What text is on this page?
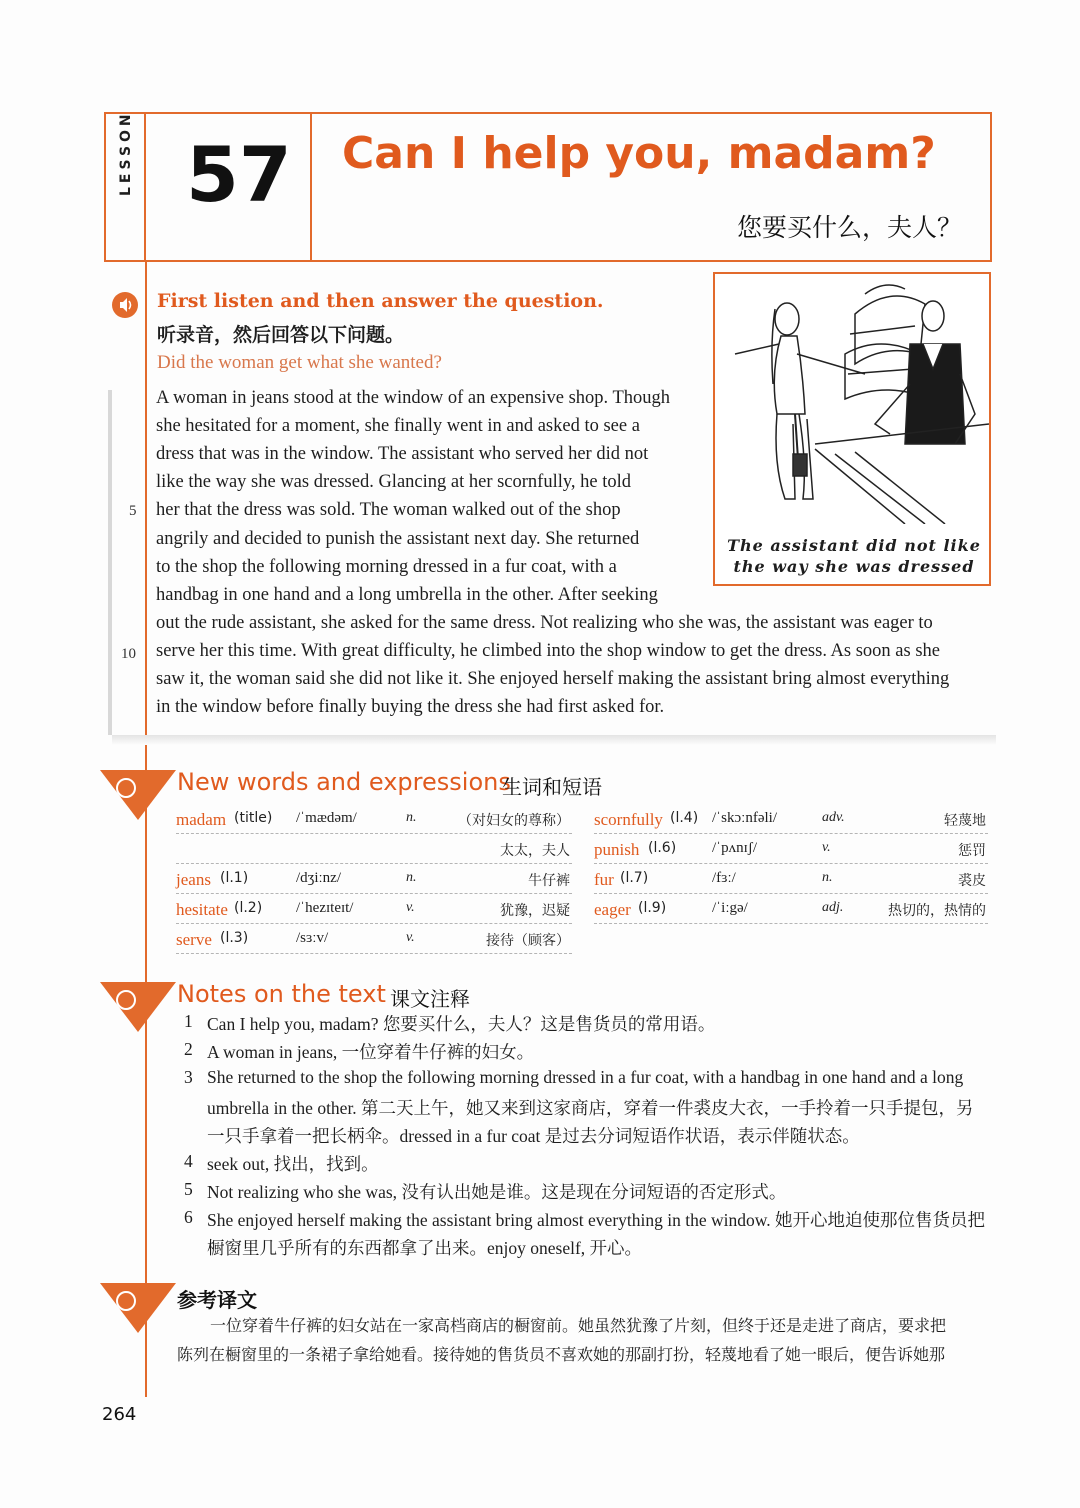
LESSON 57 Can I help you, madam?
您要买什么，夫人？
First listen and then answer the question.
听录音，然后回答以下问题。
Did the woman get what she wanted?
A woman in jeans stood at the window of an expensive shop. Though
she hesitated for a moment, she finally went in and asked to see a
dress that was in the window. The assistant who served her did not
like the way she was dressed. Glancing at her scornfully, he told
her that the dress was sold. The woman walked out of the shop
angrily and decided to punish the assistant next day. She returned
to the shop the following morning dressed in a fur coat, with a
handbag in one hand and a long umbrella in the other. After seeking
out the rude assistant, she asked for the same dress. Not realizing who she was, the assistant was eager to
serve her this time. With great difficulty, he climbed into the shop window to get the dress. As soon as she
saw it, the woman said she did not like it. She enjoyed herself making the assistant bring almost everything
in the window before finally buying the dress she had first asked for.
5
10
The assistant did not like
the way she was dressed
New words and expressions
生词和短语
madam (title) /ˈmædəm/	n.	（对妇女的尊称）
太太，夫人
jeans (l.1)	/dʒiːnz/	n.	牛仔裤
hesitate (l.2) /ˈhezɪteɪt/	v.	犹豫，迟疑
serve (l.3)	/sɜːv/	v.	接待（顾客）
scornfully (l.4) /ˈskɔːnfəli/	adv.	轻蔑地
punish (l.6) /ˈpʌnɪʃ/	v.	惩罚
fur (l.7)	/fɜː/	n.	裘皮
eager (l.9)	/ˈiːgə/	adj.	热切的，热情的
Notes on the text 课文注释
1 Can I help you, madam? 您要买什么，夫人？这是售货员的常用语。
2 A woman in jeans, 一位穿着牛仔裤的妇女。
3 She returned to the shop the following morning dressed in a fur coat, with a handbag in one hand and a long
umbrella in the other. 第二天上午，她又来到这家商店，穿着一件裘皮大衣，一手拎着一只手提包，另
一只手拿着一把长柄伞。dressed in a fur coat 是过去分词短语作状语，表示伴随状态。
4 seek out, 找出，找到。
5 Not realizing who she was, 没有认出她是谁。这是现在分词短语的否定形式。
6 She enjoyed herself making the assistant bring almost everything in the window. 她开心地迫使那位售货员把
橱窗里几乎所有的东西都拿了出来。enjoy oneself, 开心。
参考译文
一位穿着牛仔裤的妇女站在一家高档商店的橱窗前。她虽然犹豫了片刻，但终于还是走进了商店，要求把
陈列在橱窗里的一条裙子拿给她看。接待她的售货员不喜欢她的那副打扮，轻蔑地看了她一眼后，便告诉她那
264
